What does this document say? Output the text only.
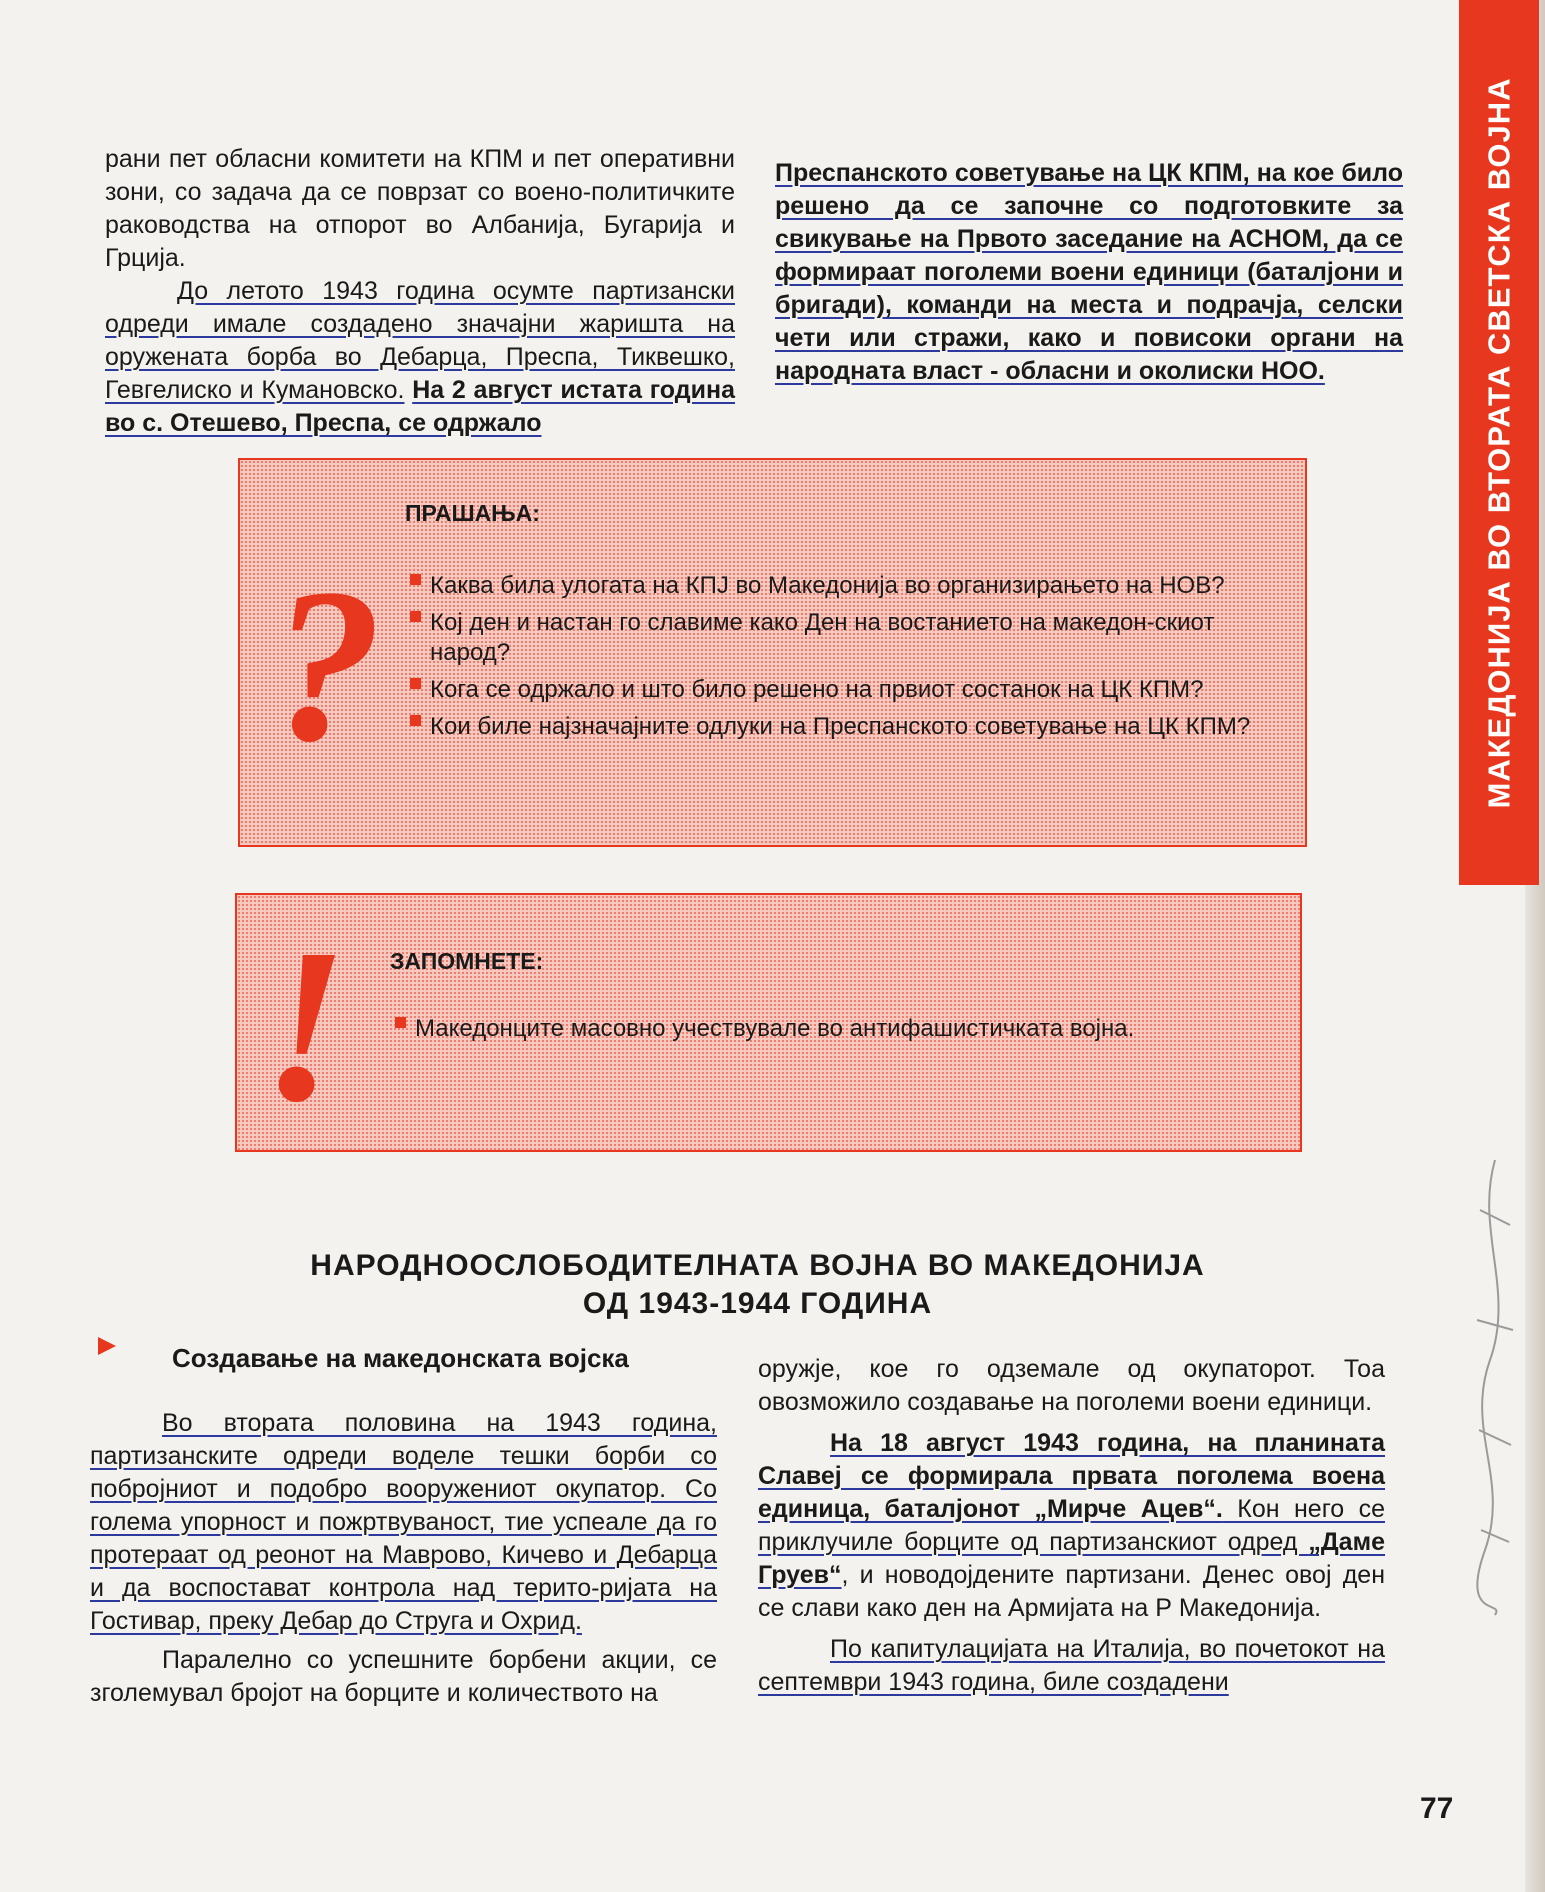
МАКЕДОНИЈА ВО ВТОРАТА СВЕТСКА ВОЈНА

рани пет обласни комитети на КПМ и пет оперативни зони, со задача да се поврзат со воено-политичките раководства на отпорот во Албанија, Бугарија и Грција.

До летото 1943 година осумте партизански одреди имале создадено значајни жаришта на оружената борба во Дебарца, Преспа, Тиквешко, Гевгелиско и Кумановско. На 2 август истата година во с. Отешево, Преспа, се одржало

Преспанското советување на ЦК КПМ, на кое било решено да се започне со подготовките за свикување на Првото заседание на АСНОМ, да се формираат поголеми воени единици (баталјони и бригади), команди на места и подрачја, селски чети или стражи, како и повисоки органи на народната власт - обласни и околиски НОО.

?
ПРАШАЊА:
Каква била улогата на КПЈ во Македонија во организирањето на НОВ?
Кој ден и настан го славиме како Ден на востанието на македон-скиот народ?
Кога се одржало и што било решено на првиот состанок на ЦК КПМ?
Кои биле најзначајните одлуки на Преспанското советување на ЦК КПМ?
! ЗАПОМНЕТЕ:
Македонците масовно учествувале во антифашистичката војна.
НАРОДНООСЛОБОДИТЕЛНАТА ВОЈНА ВО МАКЕДОНИЈА
ОД 1943-1944 ГОДИНА
Создавање на македонската војска

Во втората половина на 1943 година, партизанските одреди воделе тешки борби со побројниот и подобро вооружениот окупатор. Со голема упорност и пожртвуваност, тие успеале да го протераат од реонот на Маврово, Кичево и Дебарца и да воспостават контрола над терито-ријата на Гостивар, преку Дебар до Струга и Охрид.

Паралелно со успешните борбени акции, се зголемувал бројот на борците и количеството на

оружје, кое го одземале од окупаторот. Тоа овозможило создавање на поголеми воени единици.

На 18 август 1943 година, на планината Славеј се формирала првата поголема воена единица, баталјонот „Мирче Ацев“. Кон него се приклучиле борците од партизанскиот одред „Даме Груев“, и новодојдените партизани. Денес овој ден се слави како ден на Армијата на Р Македонија.

По капитулацијата на Италија, во почетокот на септември 1943 година, биле создадени

77
